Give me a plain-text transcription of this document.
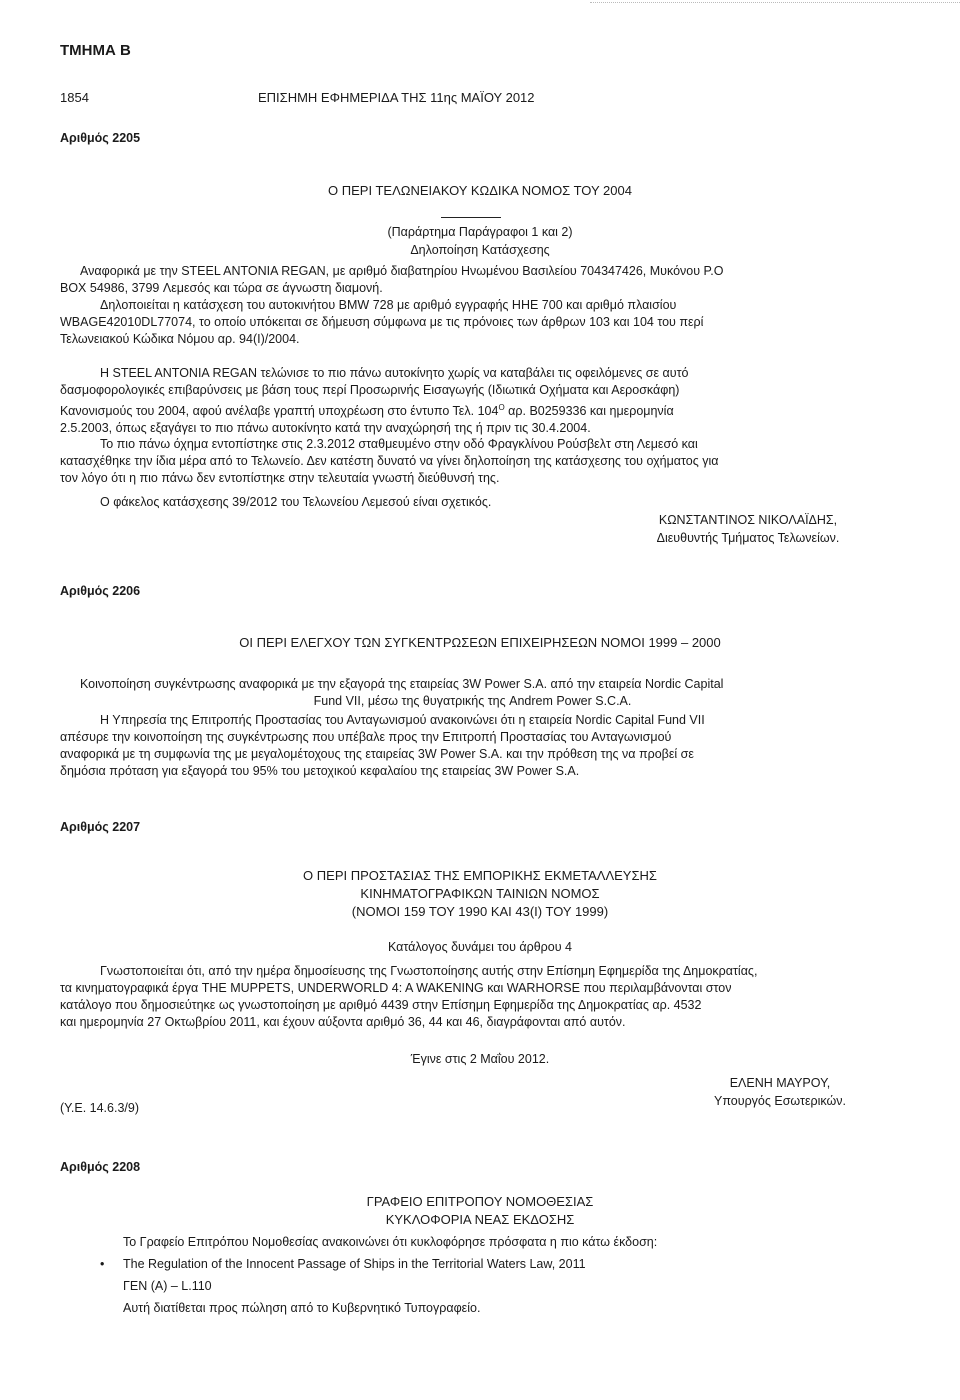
ΤΜΗΜΑ Β
1854	ΕΠΙΣΗΜΗ ΕΦΗΜΕΡΙΔΑ ΤΗΣ 11ης ΜΑΪΟΥ 2012
Αριθμός 2205
Ο ΠΕΡΙ ΤΕΛΩΝΕΙΑΚΟΥ ΚΩΔΙΚΑ ΝΟΜΟΣ ΤΟΥ 2004
(Παράρτημα Παράγραφοι 1 και 2)
Δηλοποίηση Κατάσχεσης
Αναφορικά με την STEEL ANTONIA REGAN, με αριθμό διαβατηρίου Ηνωμένου Βασιλείου 704347426, Μυκόνου P.O
BOX 54986, 3799 Λεμεσός και τώρα σε άγνωστη διαμονή.
Δηλοποιείται η κατάσχεση του αυτοκινήτου BMW 728 με αριθμό εγγραφής HHE 700 και αριθμό πλαισίου
WBAGE42010DL77074, το οποίο υπόκειται σε δήμευση σύμφωνα με τις πρόνοιες των άρθρων 103 και 104 του περί
Τελωνειακού Κώδικα Νόμου αρ. 94(Ι)/2004.
Η STEEL ANTONIA REGAN τελώνισε το πιο πάνω αυτοκίνητο χωρίς να καταβάλει τις οφειλόμενες σε αυτό
δασμοφορολογικές επιβαρύνσεις με βάση τους περί Προσωρινής Εισαγωγής (Ιδιωτικά Οχήματα και Αεροσκάφη)
Κανονισμούς του 2004, αφού ανέλαβε γραπτή υποχρέωση στο έντυπο Τελ. $104^O$ αρ. B0259336 και ημερομηνία
2.5.2003, όπως εξαγάγει το πιο πάνω αυτοκίνητο κατά την αναχώρησή της ή πριν τις 30.4.2004.
Το πιο πάνω όχημα εντοπίστηκε στις 2.3.2012 σταθμευμένο στην οδό Φραγκλίνου Ρούσβελτ στη Λεμεσό και
κατασχέθηκε την ίδια μέρα από το Τελωνείο. Δεν κατέστη δυνατό να γίνει δηλοποίηση της κατάσχεσης του οχήματος για
τον λόγο ότι η πιο πάνω δεν εντοπίστηκε στην τελευταία γνωστή διεύθυνσή της.
Ο φάκελος κατάσχεσης 39/2012 του Τελωνείου Λεμεσού είναι σχετικός.
ΚΩΝΣΤΑΝΤΙΝΟΣ ΝΙΚΟΛΑΪΔΗΣ,
Διευθυντής Τμήματος Τελωνείων.
Αριθμός 2206
ΟΙ ΠΕΡΙ ΕΛΕΓΧΟΥ ΤΩΝ ΣΥΓΚΕΝΤΡΩΣΕΩΝ ΕΠΙΧΕΙΡΗΣΕΩΝ ΝΟΜΟΙ 1999 – 2000
Κοινοποίηση συγκέντρωσης αναφορικά με την εξαγορά της εταιρείας 3W Power S.A. από την εταιρεία Nordic Capital
Fund VII, μέσω της θυγατρικής της Andrem Power S.C.A.
Η Υπηρεσία της Επιτροπής Προστασίας του Ανταγωνισμού ανακοινώνει ότι η εταιρεία Nordic Capital Fund VII
απέσυρε την κοινοποίηση της συγκέντρωσης που υπέβαλε προς την Επιτροπή Προστασίας του Ανταγωνισμού
αναφορικά με τη συμφωνία της με μεγαλομέτοχους της εταιρείας 3W Power S.A. και την πρόθεση της να προβεί σε
δημόσια πρόταση για εξαγορά του 95% του μετοχικού κεφαλαίου της εταιρείας 3W Power S.A.
Αριθμός 2207
Ο ΠΕΡΙ ΠΡΟΣΤΑΣΙΑΣ ΤΗΣ ΕΜΠΟΡΙΚΗΣ ΕΚΜΕΤΑΛΛΕΥΣΗΣ
ΚΙΝΗΜΑΤΟΓΡΑΦΙΚΩΝ ΤΑΙΝΙΩΝ ΝΟΜΟΣ
(ΝΟΜΟΙ 159 ΤΟΥ 1990 ΚΑΙ 43(Ι) ΤΟΥ 1999)
Κατάλογος δυνάμει του άρθρου 4
Γνωστοποιείται ότι, από την ημέρα δημοσίευσης της Γνωστοποίησης αυτής στην Επίσημη Εφημερίδα της Δημοκρατίας,
τα κινηματογραφικά έργα THE MUPPETS, UNDERWORLD 4: A WAKENING και WARHORSE που περιλαμβάνονται στον
κατάλογο που δημοσιεύτηκε ως γνωστοποίηση με αριθμό 4439 στην Επίσημη Εφημερίδα της Δημοκρατίας αρ. 4532
και ημερομηνία 27 Οκτωβρίου 2011, και έχουν αύξοντα αριθμό 36, 44 και 46, διαγράφονται από αυτόν.
Έγινε στις 2 Μαΐου 2012.
ΕΛΕΝΗ ΜΑΥΡΟΥ,
Υπουργός Εσωτερικών.
(Υ.Ε. 14.6.3/9)
Αριθμός 2208
ΓΡΑΦΕΙΟ ΕΠΙΤΡΟΠΟΥ ΝΟΜΟΘΕΣΙΑΣ
ΚΥΚΛΟΦΟΡΙΑ ΝΕΑΣ ΕΚΔΟΣΗΣ
Το Γραφείο Επιτρόπου Νομοθεσίας ανακοινώνει ότι κυκλοφόρησε πρόσφατα η πιο κάτω έκδοση:
• The Regulation of the Innocent Passage of Ships in the Territorial Waters Law, 2011
ΓΕΝ (Α) – L.110
Αυτή διατίθεται προς πώληση από το Κυβερνητικό Τυπογραφείο.
